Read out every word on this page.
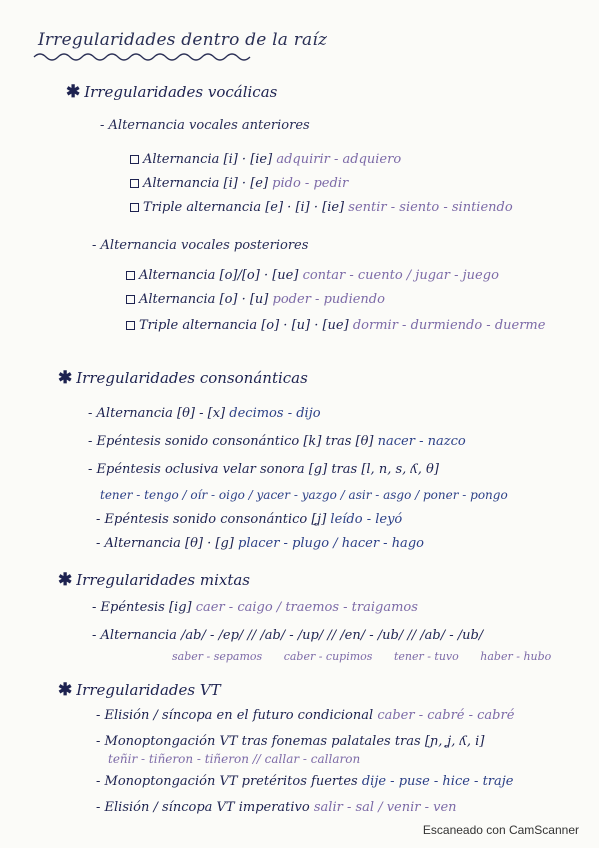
Irregularidades dentro de la raíz
✱ Irregularidades vocálicas
- Alternancia vocales anteriores
Alternancia [i] · [ie] adquirir - adquiero
Alternancia [i] · [e] pido - pedir
Triple alternancia [e] · [i] · [ie] sentir - siento - sintiendo
- Alternancia vocales posteriores
Alternancia [o]/[o] · [ue] contar - cuento / jugar - juego
Alternancia [o] · [u] poder - pudiendo
Triple alternancia [o] · [u] · [ue] dormir - durmiendo - duerme
✱ Irregularidades consonánticas
- Alternancia [θ] - [x] decimos - dijo
- Epéntesis sonido consonántico [k] tras [θ] nacer - nazco
- Epéntesis oclusiva velar sonora [g] tras [l, n, s, ʎ, θ]
tener - tengo / oír - oigo / yacer - yazgo / asir - asgo / poner - pongo
- Epéntesis sonido consonántico [ʝ] leído - leyó
- Alternancia [θ] · [g] placer - plugo / hacer - hago
✱ Irregularidades mixtas
- Epéntesis [ig] caer - caigo / traemos - traigamos
- Alternancia /ab/ - /ep/ // /ab/ - /up/ // /en/ - /ub/ // /ab/ - /ub/
saber - sepamos caber - cupimos tener - tuvo haber - hubo
✱ Irregularidades VT
- Elisión / síncopa en el futuro condicional caber - cabré - cabré
- Monoptongación VT tras fonemas palatales tras [ɲ, ʝ, ʎ, i]
teñir - tiñeron - tiñeron // callar - callaron
- Monoptongación VT pretéritos fuertes dije - puse - hice - traje
- Elisión / síncopa VT imperativo salir - sal / venir - ven
Escaneado con CamScanner
